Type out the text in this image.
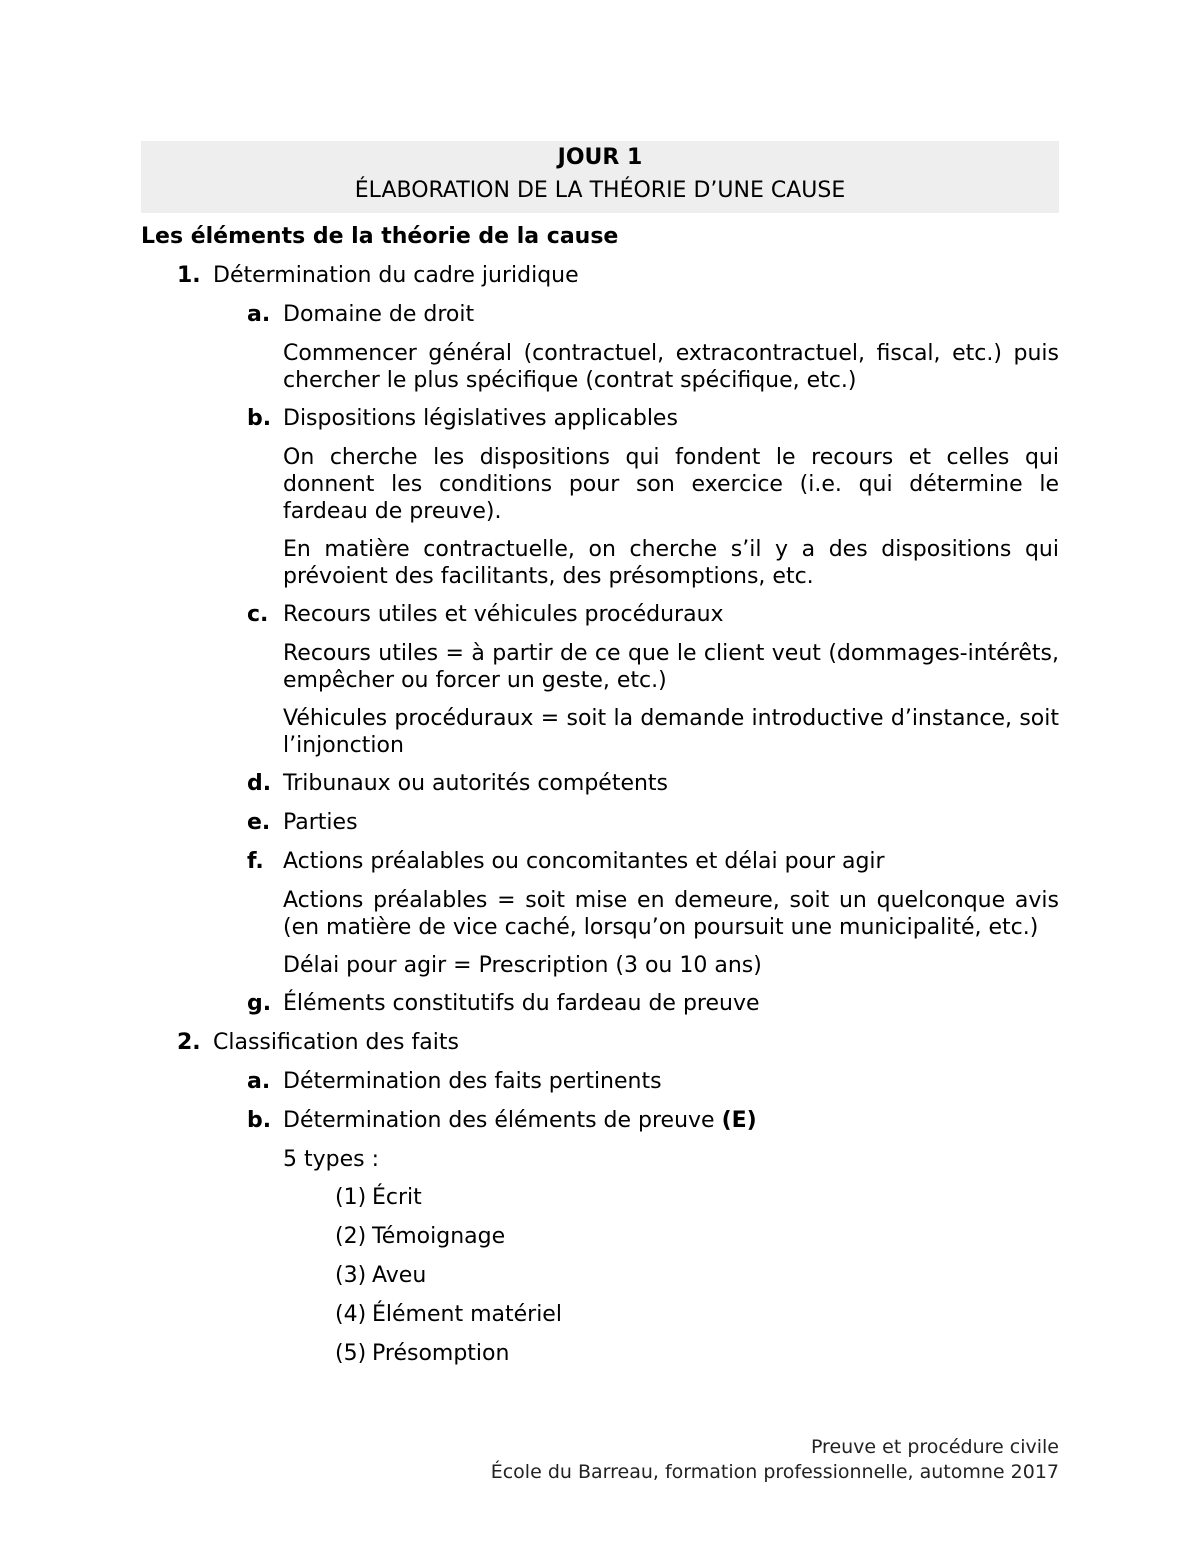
JOUR 1
ÉLABORATION DE LA THÉORIE D’UNE CAUSE
Les éléments de la théorie de la cause
1. Détermination du cadre juridique
a. Domaine de droit
Commencer général (contractuel, extracontractuel, fiscal, etc.) puis chercher le plus spécifique (contrat spécifique, etc.)
b. Dispositions législatives applicables
On cherche les dispositions qui fondent le recours et celles qui donnent les conditions pour son exercice (i.e. qui détermine le fardeau de preuve).
En matière contractuelle, on cherche s’il y a des dispositions qui prévoient des facilitants, des présomptions, etc.
c. Recours utiles et véhicules procéduraux
Recours utiles = à partir de ce que le client veut (dommages-intérêts, empêcher ou forcer un geste, etc.)
Véhicules procéduraux = soit la demande introductive d’instance, soit l’injonction
d. Tribunaux ou autorités compétents
e. Parties
f. Actions préalables ou concomitantes et délai pour agir
Actions préalables = soit mise en demeure, soit un quelconque avis (en matière de vice caché, lorsqu’on poursuit une municipalité, etc.)
Délai pour agir = Prescription (3 ou 10 ans)
g. Éléments constitutifs du fardeau de preuve
2. Classification des faits
a. Détermination des faits pertinents
b. Détermination des éléments de preuve (E)
5 types :
(1) Écrit
(2) Témoignage
(3) Aveu
(4) Élément matériel
(5) Présomption
Preuve et procédure civile
École du Barreau, formation professionnelle, automne 2017
